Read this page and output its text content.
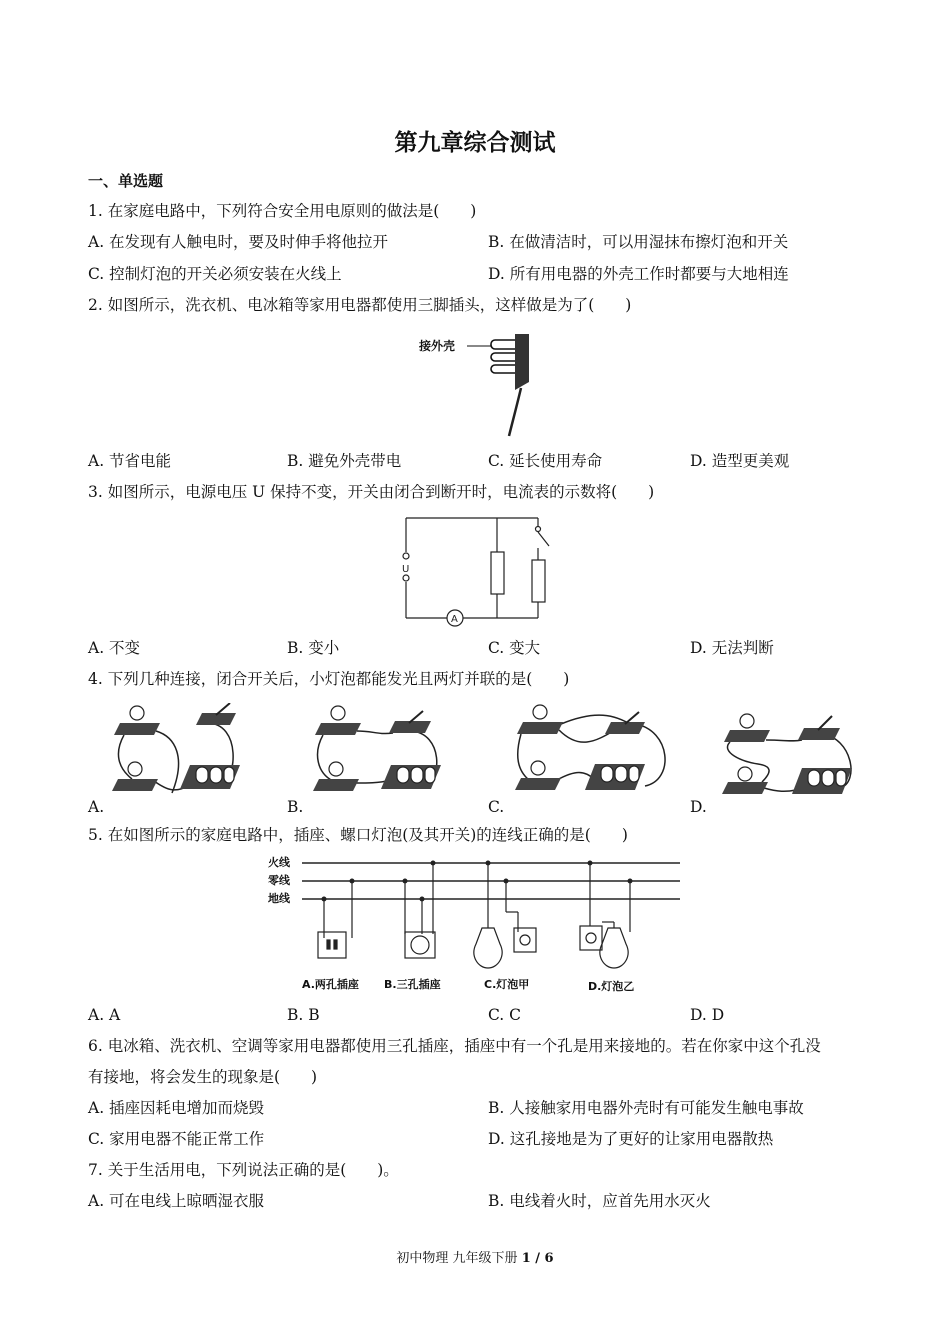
第九章综合测试
一、单选题
1. 在家庭电路中，下列符合安全用电原则的做法是(　　)
A. 在发现有人触电时，要及时伸手将他拉开	B. 在做清洁时，可以用湿抹布擦灯泡和开关
C. 控制灯泡的开关必须安装在火线上	D. 所有用电器的外壳工作时都要与大地相连
2. 如图所示，洗衣机、电冰箱等家用电器都使用三脚插头，这样做是为了(　　)
接外壳
A. 节省电能	B. 避免外壳带电	C. 延长使用寿命	D. 造型更美观
3. 如图所示，电源电压 U 保持不变，开关由闭合到断开时，电流表的示数将(　　)
U
A
A. 不变	B. 变小	C. 变大	D. 无法判断
4. 下列几种连接，闭合开关后，小灯泡都能发光且两灯并联的是(　　)
A.	B.	C.	D.
5. 在如图所示的家庭电路中，插座、螺口灯泡(及其开关)的连线正确的是(　　)
火线
零线
地线
A.两孔插座 B.三孔插座	C.灯泡甲	D.灯泡乙
A. A	B. B	C. C	D. D
6. 电冰箱、洗衣机、空调等家用电器都使用三孔插座，插座中有一个孔是用来接地的。若在你家中这个孔没
有接地，将会发生的现象是(　　)
A. 插座因耗电增加而烧毁	B. 人接触家用电器外壳时有可能发生触电事故
C. 家用电器不能正常工作	D. 这孔接地是为了更好的让家用电器散热
7. 关于生活用电，下列说法正确的是(　　)。
A. 可在电线上晾晒湿衣服	B. 电线着火时，应首先用水灭火
初中物理 九年级下册 1 / 6
